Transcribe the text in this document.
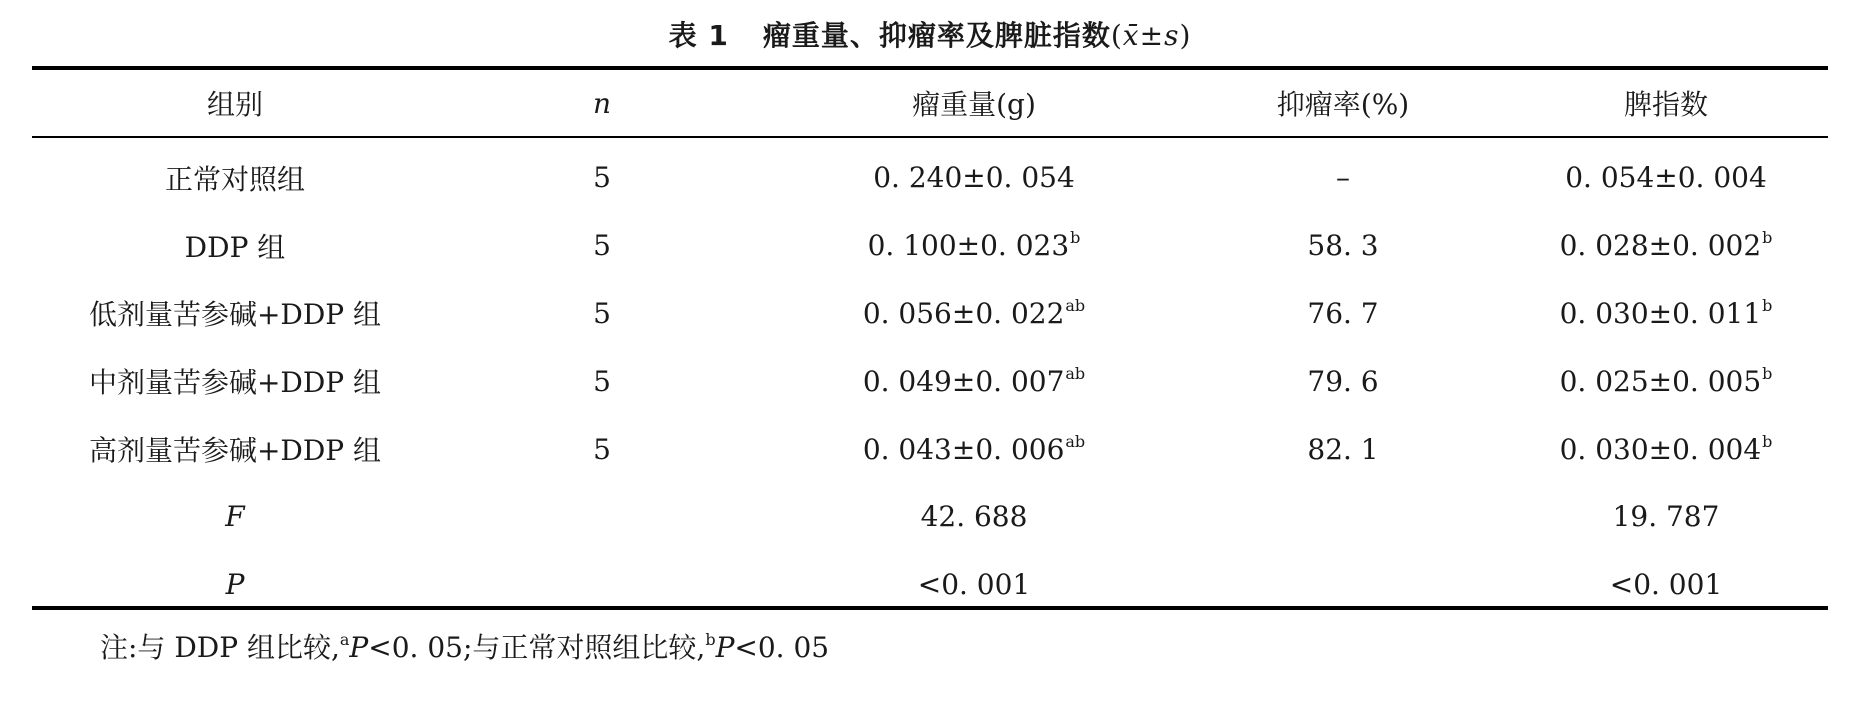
表 1 瘤重量、抑瘤率及脾脏指数(x̄±s)
组别	n	瘤重量(g)	抑瘤率(%)	脾指数
正常对照组	5	0. 240±0. 054	–	0. 054±0. 004
DDP 组	5	0. 100±0. 023$^b$	58. 3	0. 028±0. 002$^b$
低剂量苦参碱+DDP 组	5	0. 056±0. $022^{ab}$	76. 7	0. 030±0. 011$^b$
中剂量苦参碱+DDP 组	5	0. 049±0. $007^{ab}$	79. 6	0. 025±0. 005$^b$
高剂量苦参碱+DDP 组	5	0. 043±0. $006^{ab}$	82. 1	0. 030±0. 004$^b$
F		42. 688		19. 787
P		<0. 001		<0. 001
注:与 DDP 组比较,$^a$P<0. 05;与正常对照组比较,$^b$P<0. 05
